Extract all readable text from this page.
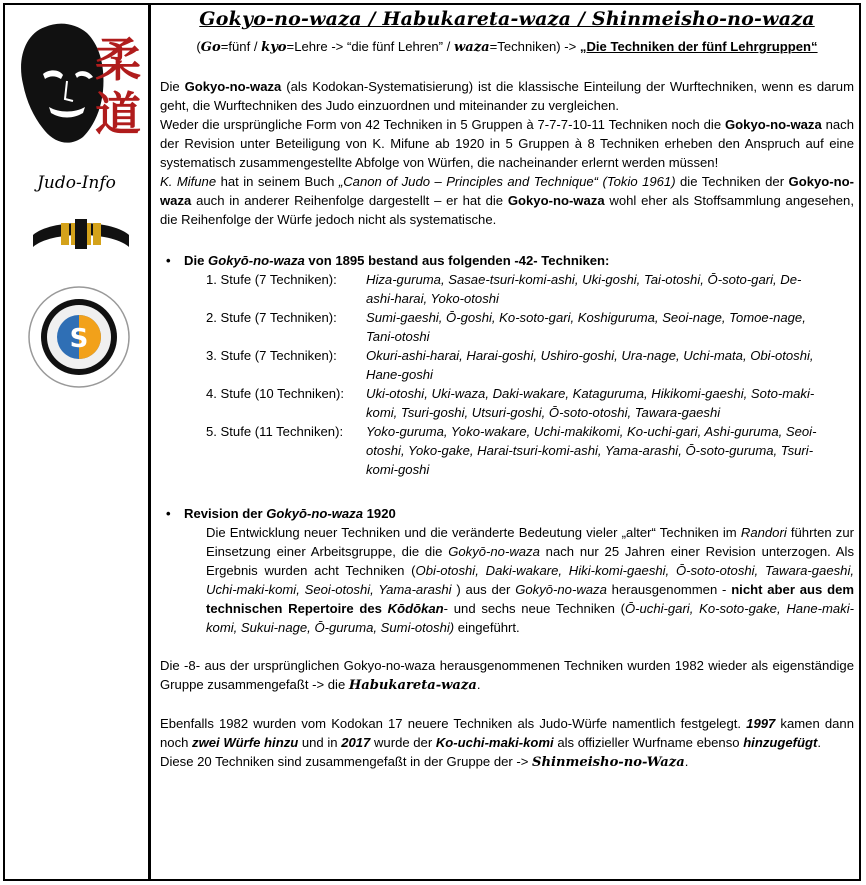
柔
道
Judo-Info
S
Gokyo-no-waza / Habukareta-waza / Shinmeisho-no-waza
(Go=fünf / kyo=Lehre -> “die fünf Lehren” / waza=Techniken) -> „Die Techniken der fünf Lehrgruppen“

Die Gokyo-no-waza (als Kodokan-Systematisierung) ist die klassische Einteilung der Wurftechniken, wenn es darum geht, die Wurftechniken des Judo einzuordnen und miteinander zu vergleichen.

Weder die ursprüngliche Form von 42 Techniken in 5 Gruppen à 7-7-7-10-11 Techniken noch die Gokyo-no-waza nach der Revision unter Beteiligung von K. Mifune ab 1920 in 5 Gruppen à 8 Techniken erheben den Anspruch auf eine systematisch zusammengestellte Abfolge von Würfen, die nacheinander erlernt werden müssen!

K. Mifune hat in seinem Buch „Canon of Judo – Principles and Technique“ (Tokio 1961) die Techniken der Gokyo-no-waza auch in anderer Reihenfolge dargestellt – er hat die Gokyo-no-waza wohl eher als Stoffsammlung angesehen, die Reihenfolge der Würfe jedoch nicht als systematische.

• Die Gokyō-no-waza von 1895 bestand aus folgenden -42- Techniken:
1. Stufe (7 Techniken):	Hiza-guruma, Sasae-tsuri-komi-ashi, Uki-goshi, Tai-otoshi, Ō-soto-gari, De-ashi-harai, Yoko-otoshi
2. Stufe (7 Techniken):	Sumi-gaeshi, Ō-goshi, Ko-soto-gari, Koshiguruma, Seoi-nage, Tomoe-nage, Tani-otoshi
3. Stufe (7 Techniken):	Okuri-ashi-harai, Harai-goshi, Ushiro-goshi, Ura-nage, Uchi-mata, Obi-otoshi, Hane-goshi
4. Stufe (10 Techniken):	Uki-otoshi, Uki-waza, Daki-wakare, Kataguruma, Hikikomi-gaeshi, Soto-maki-komi, Tsuri-goshi, Utsuri-goshi, Ō-soto-otoshi, Tawara-gaeshi
5. Stufe (11 Techniken):	Yoko-guruma, Yoko-wakare, Uchi-makikomi, Ko-uchi-gari, Ashi-guruma, Seoi-otoshi, Yoko-gake, Harai-tsuri-komi-ashi, Yama-arashi, Ō-soto-guruma, Tsuri-komi-goshi
• Revision der Gokyō-no-waza 1920

Die Entwicklung neuer Techniken und die veränderte Bedeutung vieler „alter“ Techniken im Randori führten zur Einsetzung einer Arbeitsgruppe, die die Gokyō-no-waza nach nur 25 Jahren einer Revision unterzogen. Als Ergebnis wurden acht Techniken (Obi-otoshi, Daki-wakare, Hiki-komi-gaeshi, Ō-soto-otoshi, Tawara-gaeshi, Uchi-maki-komi, Seoi-otoshi, Yama-arashi ) aus der Gokyō-no-waza herausgenommen - nicht aber aus dem technischen Repertoire des Kōdōkan- und sechs neue Techniken (Ō-uchi-gari, Ko-soto-gake, Hane-maki-komi, Sukui-nage, Ō-guruma, Sumi-otoshi) eingeführt.

Die -8- aus der ursprünglichen Gokyo-no-waza herausgenommenen Techniken wurden 1982 wieder als eigenständige Gruppe zusammengefaßt -> die Habukareta-waza.

Ebenfalls 1982 wurden vom Kodokan 17 neuere Techniken als Judo-Würfe namentlich festgelegt. 1997 kamen dann noch zwei Würfe hinzu und in 2017 wurde der Ko-uchi-maki-komi als offizieller Wurfname ebenso hinzugefügt.

Diese 20 Techniken sind zusammengefaßt in der Gruppe der -> Shinmeisho-no-Waza.
